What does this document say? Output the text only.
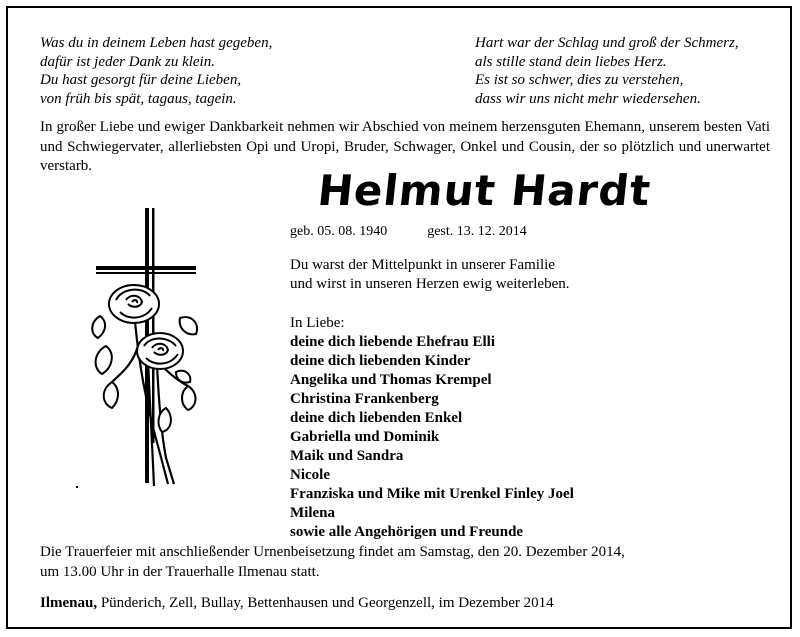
Was du in deinem Leben hast gegeben,
dafür ist jeder Dank zu klein.
Du hast gesorgt für deine Lieben,
von früh bis spät, tagaus, tagein.
Hart war der Schlag und groß der Schmerz,
als stille stand dein liebes Herz.
Es ist so schwer, dies zu verstehen,
dass wir uns nicht mehr wiedersehen.
In großer Liebe und ewiger Dankbarkeit nehmen wir Abschied von meinem herzensguten Ehemann, unserem besten Vati und Schwiegervater, allerliebsten Opi und Uropi, Bruder, Schwager, Onkel und Cousin, der so plötzlich und unerwartet verstarb.	Helmut Hardt
geb. 05. 08. 1940	gest. 13. 12. 2014
Du warst der Mittelpunkt in unserer Familie
und wirst in unseren Herzen ewig weiterleben.
In Liebe:
deine dich liebende Ehefrau Elli
deine dich liebenden Kinder
Angelika und Thomas Krempel
Christina Frankenberg
deine dich liebenden Enkel
Gabriella und Dominik
Maik und Sandra
Nicole
Franziska und Mike mit Urenkel Finley Joel
Milena
sowie alle Angehörigen und Freunde
Die Trauerfeier mit anschließender Urnenbeisetzung findet am Samstag, den 20. Dezember 2014,
um 13.00 Uhr in der Trauerhalle Ilmenau statt.
Ilmenau, Pünderich, Zell, Bullay, Bettenhausen und Georgenzell, im Dezember 2014
